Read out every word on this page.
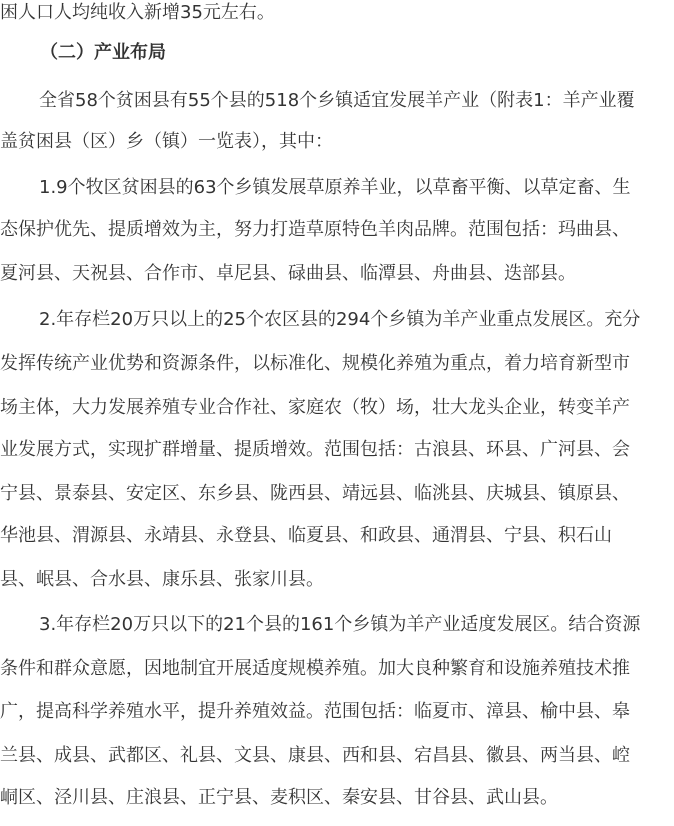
困人口人均纯收入新增35元左右。
（二）产业布局
全省58个贫困县有55个县的518个乡镇适宜发展羊产业（附表1：羊产业覆
盖贫困县（区）乡（镇）一览表），其中：
1.9个牧区贫困县的63个乡镇发展草原养羊业，以草畜平衡、以草定畜、生
态保护优先、提质增效为主，努力打造草原特色羊肉品牌。范围包括：玛曲县、
夏河县、天祝县、合作市、卓尼县、碌曲县、临潭县、舟曲县、迭部县。
2.年存栏20万只以上的25个农区县的294个乡镇为羊产业重点发展区。充分
发挥传统产业优势和资源条件，以标准化、规模化养殖为重点，着力培育新型市
场主体，大力发展养殖专业合作社、家庭农（牧）场，壮大龙头企业，转变羊产
业发展方式，实现扩群增量、提质增效。范围包括：古浪县、环县、广河县、会
宁县、景泰县、安定区、东乡县、陇西县、靖远县、临洮县、庆城县、镇原县、
华池县、渭源县、永靖县、永登县、临夏县、和政县、通渭县、宁县、积石山
县、岷县、合水县、康乐县、张家川县。
3.年存栏20万只以下的21个县的161个乡镇为羊产业适度发展区。结合资源
条件和群众意愿，因地制宜开展适度规模养殖。加大良种繁育和设施养殖技术推
广，提高科学养殖水平，提升养殖效益。范围包括：临夏市、漳县、榆中县、皋
兰县、成县、武都区、礼县、文县、康县、西和县、宕昌县、徽县、两当县、崆
峒区、泾川县、庄浪县、正宁县、麦积区、秦安县、甘谷县、武山县。
